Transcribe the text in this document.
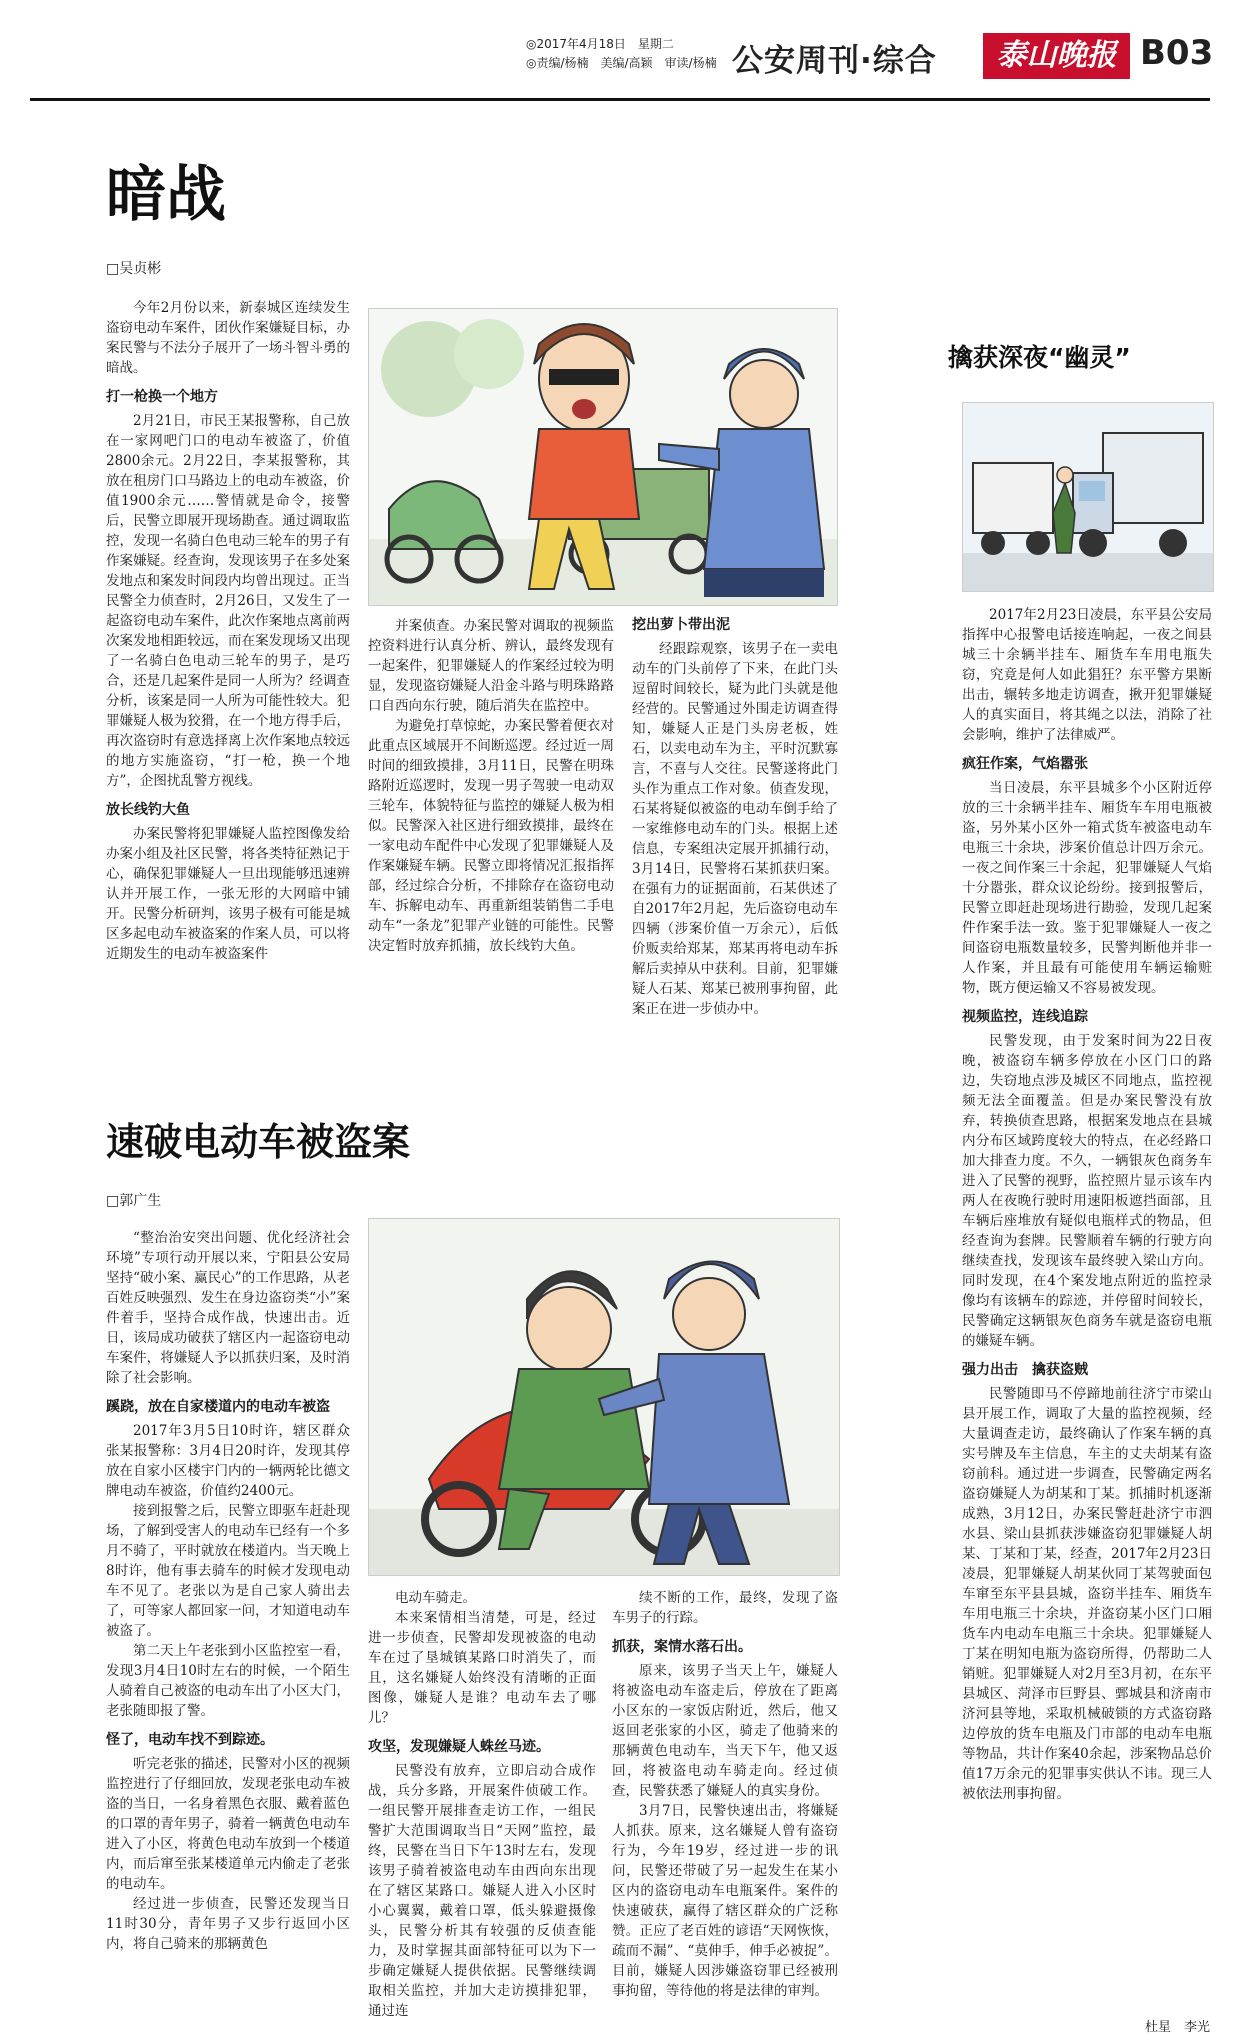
◎2017年4月18日　星期二
◎责编/杨楠　美编/高颖　审读/杨楠 公安周刊·综合	泰山晚报 B03
暗战
□吴贞彬

今年2月份以来，新泰城区连续发生盗窃电动车案件，团伙作案嫌疑目标，办案民警与不法分子展开了一场斗智斗勇的暗战。

打一枪换一个地方

2月21日，市民王某报警称，自己放在一家网吧门口的电动车被盗了，价值2800余元。2月22日，李某报警称，其放在租房门口马路边上的电动车被盗，价值1900余元……警情就是命令，接警后，民警立即展开现场勘查。通过调取监控，发现一名骑白色电动三轮车的男子有作案嫌疑。经查询，发现该男子在多处案发地点和案发时间段内均曾出现过。正当民警全力侦查时，2月26日，又发生了一起盗窃电动车案件，此次作案地点离前两次案发地相距较远，而在案发现场又出现了一名骑白色电动三轮车的男子，是巧合，还是几起案件是同一人所为？经调查分析，该案是同一人所为可能性较大。犯罪嫌疑人极为狡猾，在一个地方得手后，再次盗窃时有意选择离上次作案地点较远的地方实施盗窃，“打一枪，换一个地方”，企图扰乱警方视线。

放长线钓大鱼

办案民警将犯罪嫌疑人监控图像发给办案小组及社区民警，将各类特征熟记于心，确保犯罪嫌疑人一旦出现能够迅速辨认并开展工作，一张无形的大网暗中铺开。民警分析研判，该男子极有可能是城区多起电动车被盗案的作案人员，可以将近期发生的电动车被盗案件

并案侦查。办案民警对调取的视频监控资料进行认真分析、辨认，最终发现有一起案件，犯罪嫌疑人的作案经过较为明显，发现盗窃嫌疑人沿金斗路与明珠路路口自西向东行驶，随后消失在监控中。

为避免打草惊蛇，办案民警着便衣对此重点区域展开不间断巡逻。经过近一周时间的细致摸排，3月11日，民警在明珠路附近巡逻时，发现一男子驾驶一电动双三轮车，体貌特征与监控的嫌疑人极为相似。民警深入社区进行细致摸排，最终在一家电动车配件中心发现了犯罪嫌疑人及作案嫌疑车辆。民警立即将情况汇报指挥部，经过综合分析，不排除存在盗窃电动车、拆解电动车、再重新组装销售二手电动车“一条龙”犯罪产业链的可能性。民警决定暂时放弃抓捕，放长线钓大鱼。

挖出萝卜带出泥

经跟踪观察，该男子在一卖电动车的门头前停了下来，在此门头逗留时间较长，疑为此门头就是他经营的。民警通过外围走访调查得知，嫌疑人正是门头房老板，姓石，以卖电动车为主，平时沉默寡言，不喜与人交往。民警遂将此门头作为重点工作对象。侦查发现，石某将疑似被盗的电动车倒手给了一家维修电动车的门头。根据上述信息，专案组决定展开抓捕行动，3月14日，民警将石某抓获归案。在强有力的证据面前，石某供述了自2017年2月起，先后盗窃电动车四辆（涉案价值一万余元），后低价贩卖给郑某，郑某再将电动车拆解后卖掉从中获利。目前，犯罪嫌疑人石某、郑某已被刑事拘留，此案正在进一步侦办中。

擒获深夜“幽灵”

2017年2月23日凌晨，东平县公安局指挥中心报警电话接连响起，一夜之间县城三十余辆半挂车、厢货车车用电瓶失窃，究竟是何人如此猖狂？东平警方果断出击，辗转多地走访调查，揪开犯罪嫌疑人的真实面目，将其绳之以法，消除了社会影响，维护了法律威严。

疯狂作案，气焰嚣张

当日凌晨，东平县城多个小区附近停放的三十余辆半挂车、厢货车车用电瓶被盗，另外某小区外一箱式货车被盗电动车电瓶三十余块，涉案价值总计四万余元。一夜之间作案三十余起，犯罪嫌疑人气焰十分嚣张，群众议论纷纷。接到报警后，民警立即赶赴现场进行勘验，发现几起案件作案手法一致。鉴于犯罪嫌疑人一夜之间盗窃电瓶数量较多，民警判断他并非一人作案，并且最有可能使用车辆运输赃物，既方便运输又不容易被发现。

视频监控，连线追踪

民警发现，由于发案时间为22日夜晚，被盗窃车辆多停放在小区门口的路边，失窃地点涉及城区不同地点，监控视频无法全面覆盖。但是办案民警没有放弃，转换侦查思路，根据案发地点在县城内分布区域跨度较大的特点，在必经路口加大排查力度。不久，一辆银灰色商务车进入了民警的视野，监控照片显示该车内两人在夜晚行驶时用速阳板遮挡面部，且车辆后座堆放有疑似电瓶样式的物品，但经查询为套牌。民警顺着车辆的行驶方向继续查找，发现该车最终驶入梁山方向。同时发现，在4个案发地点附近的监控录像均有该辆车的踪迹，并停留时间较长，民警确定这辆银灰色商务车就是盗窃电瓶的嫌疑车辆。

强力出击　擒获盗贼

民警随即马不停蹄地前往济宁市梁山县开展工作，调取了大量的监控视频，经大量调查走访，最终确认了作案车辆的真实号牌及车主信息，车主的丈夫胡某有盗窃前科。通过进一步调查，民警确定两名盗窃嫌疑人为胡某和丁某。抓捕时机逐渐成熟，3月12日，办案民警赶赴济宁市泗水县、梁山县抓获涉嫌盗窃犯罪嫌疑人胡某、丁某和丁某，经查，2017年2月23日凌晨，犯罪嫌疑人胡某伙同丁某驾驶面包车窜至东平县县城，盗窃半挂车、厢货车车用电瓶三十余块，并盗窃某小区门口厢货车内电动车电瓶三十余块。犯罪嫌疑人丁某在明知电瓶为盗窃所得，仍帮助二人销赃。犯罪嫌疑人对2月至3月初，在东平县城区、菏泽市巨野县、鄄城县和济南市济河县等地，采取机械破锁的方式盗窃路边停放的货车电瓶及门市部的电动车电瓶等物品，共计作案40余起，涉案物品总价值17万余元的犯罪事实供认不讳。现三人被依法刑事拘留。

杜星　李光
速破电动车被盗案
□郭广生

“整治治安突出问题、优化经济社会环境”专项行动开展以来，宁阳县公安局坚持“破小案、赢民心”的工作思路，从老百姓反映强烈、发生在身边盗窃类“小”案件着手，坚持合成作战，快速出击。近日，该局成功破获了辖区内一起盗窃电动车案件，将嫌疑人予以抓获归案，及时消除了社会影响。

蹊跷，放在自家楼道内的电动车被盗

2017年3月5日10时许，辖区群众张某报警称：3月4日20时许，发现其停放在自家小区楼宇门内的一辆两轮比德文牌电动车被盗，价值约2400元。

接到报警之后，民警立即驱车赶赴现场，了解到受害人的电动车已经有一个多月不骑了，平时就放在楼道内。当天晚上8时许，他有事去骑车的时候才发现电动车不见了。老张以为是自己家人骑出去了，可等家人都回家一问，才知道电动车被盗了。

第二天上午老张到小区监控室一看，发现3月4日10时左右的时候，一个陌生人骑着自己被盗的电动车出了小区大门，老张随即报了警。

怪了，电动车找不到踪迹。

听完老张的描述，民警对小区的视频监控进行了仔细回放，发现老张电动车被盗的当日，一名身着黑色衣服、戴着蓝色的口罩的青年男子，骑着一辆黄色电动车进入了小区，将黄色电动车放到一个楼道内，而后窜至张某楼道单元内偷走了老张的电动车。

经过进一步侦查，民警还发现当日11时30分，青年男子又步行返回小区内，将自己骑来的那辆黄色

电动车骑走。

本来案情相当清楚，可是，经过进一步侦查，民警却发现被盗的电动车在过了垦城镇某路口时消失了，而且，这名嫌疑人始终没有清晰的正面图像，嫌疑人是谁？电动车去了哪儿？

攻坚，发现嫌疑人蛛丝马迹。

民警没有放弃，立即启动合成作战，兵分多路，开展案件侦破工作。一组民警开展排查走访工作，一组民警扩大范围调取当日“天网”监控，最终，民警在当日下午13时左右，发现该男子骑着被盗电动车由西向东出现在了辖区某路口。嫌疑人进入小区时小心翼翼，戴着口罩，低头躲避摄像头，民警分析其有较强的反侦查能力，及时掌握其面部特征可以为下一步确定嫌疑人提供依据。民警继续调取相关监控，并加大走访摸排犯罪，通过连

续不断的工作，最终，发现了盗车男子的行踪。

抓获，案情水落石出。

原来，该男子当天上午，嫌疑人将被盗电动车盗走后，停放在了距离小区东的一家饭店附近，然后，他又返回老张家的小区，骑走了他骑来的那辆黄色电动车，当天下午，他又返回，将被盗电动车骑走向。经过侦查，民警获悉了嫌疑人的真实身份。

3月7日，民警快速出击，将嫌疑人抓获。原来，这名嫌疑人曾有盗窃行为，今年19岁，经过进一步的讯问，民警还带破了另一起发生在某小区内的盗窃电动车电瓶案件。案件的快速破获，赢得了辖区群众的广泛称赞。正应了老百姓的谚语“天网恢恢，疏而不漏”、“莫伸手，伸手必被捉”。目前，嫌疑人因涉嫌盗窃罪已经被刑事拘留，等待他的将是法律的审判。
